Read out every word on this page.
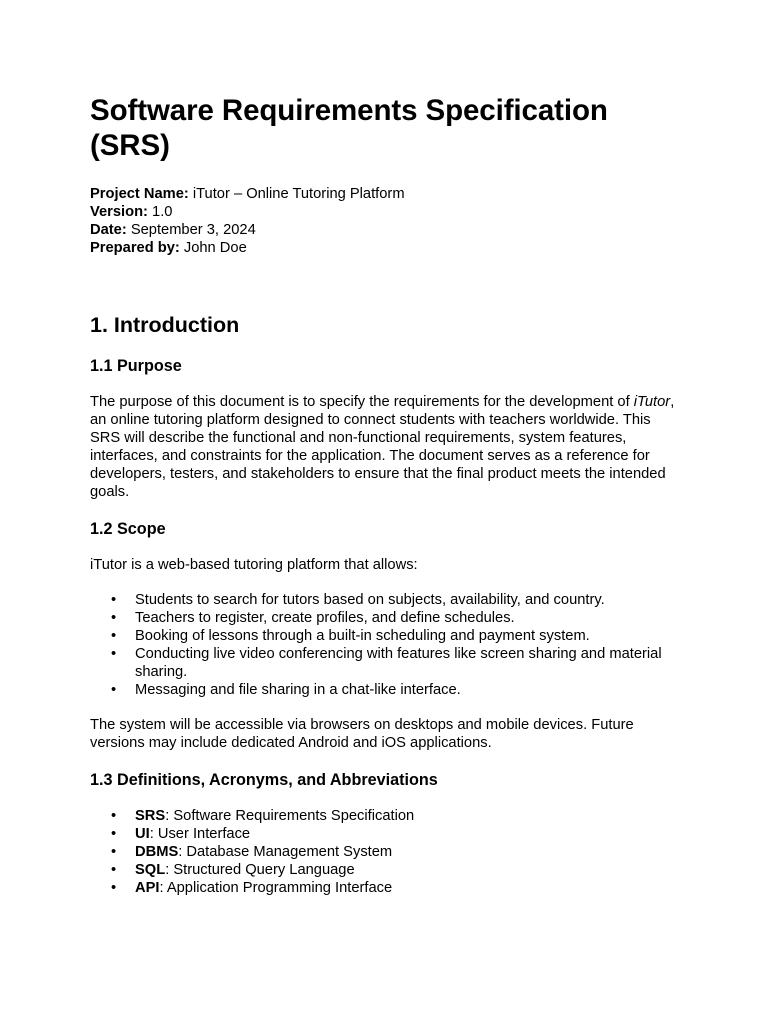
Software Requirements Specification (SRS)

Project Name: iTutor – Online Tutoring Platform

Version: 1.0

Date: September 3, 2024

Prepared by: John Doe

1. Introduction
1.1 Purpose

The purpose of this document is to specify the requirements for the development of iTutor, an online tutoring platform designed to connect students with teachers worldwide. This SRS will describe the functional and non-functional requirements, system features, interfaces, and constraints for the application. The document serves as a reference for developers, testers, and stakeholders to ensure that the final product meets the intended goals.

1.2 Scope

iTutor is a web-based tutoring platform that allows:

• Students to search for tutors based on subjects, availability, and country.
• Teachers to register, create profiles, and define schedules.
• Booking of lessons through a built-in scheduling and payment system.
• Conducting live video conferencing with features like screen sharing and material sharing.
• Messaging and file sharing in a chat-like interface.

The system will be accessible via browsers on desktops and mobile devices. Future versions may include dedicated Android and iOS applications.

1.3 Definitions, Acronyms, and Abbreviations
• SRS: Software Requirements Specification
• UI: User Interface
• DBMS: Database Management System
• SQL: Structured Query Language
• API: Application Programming Interface
